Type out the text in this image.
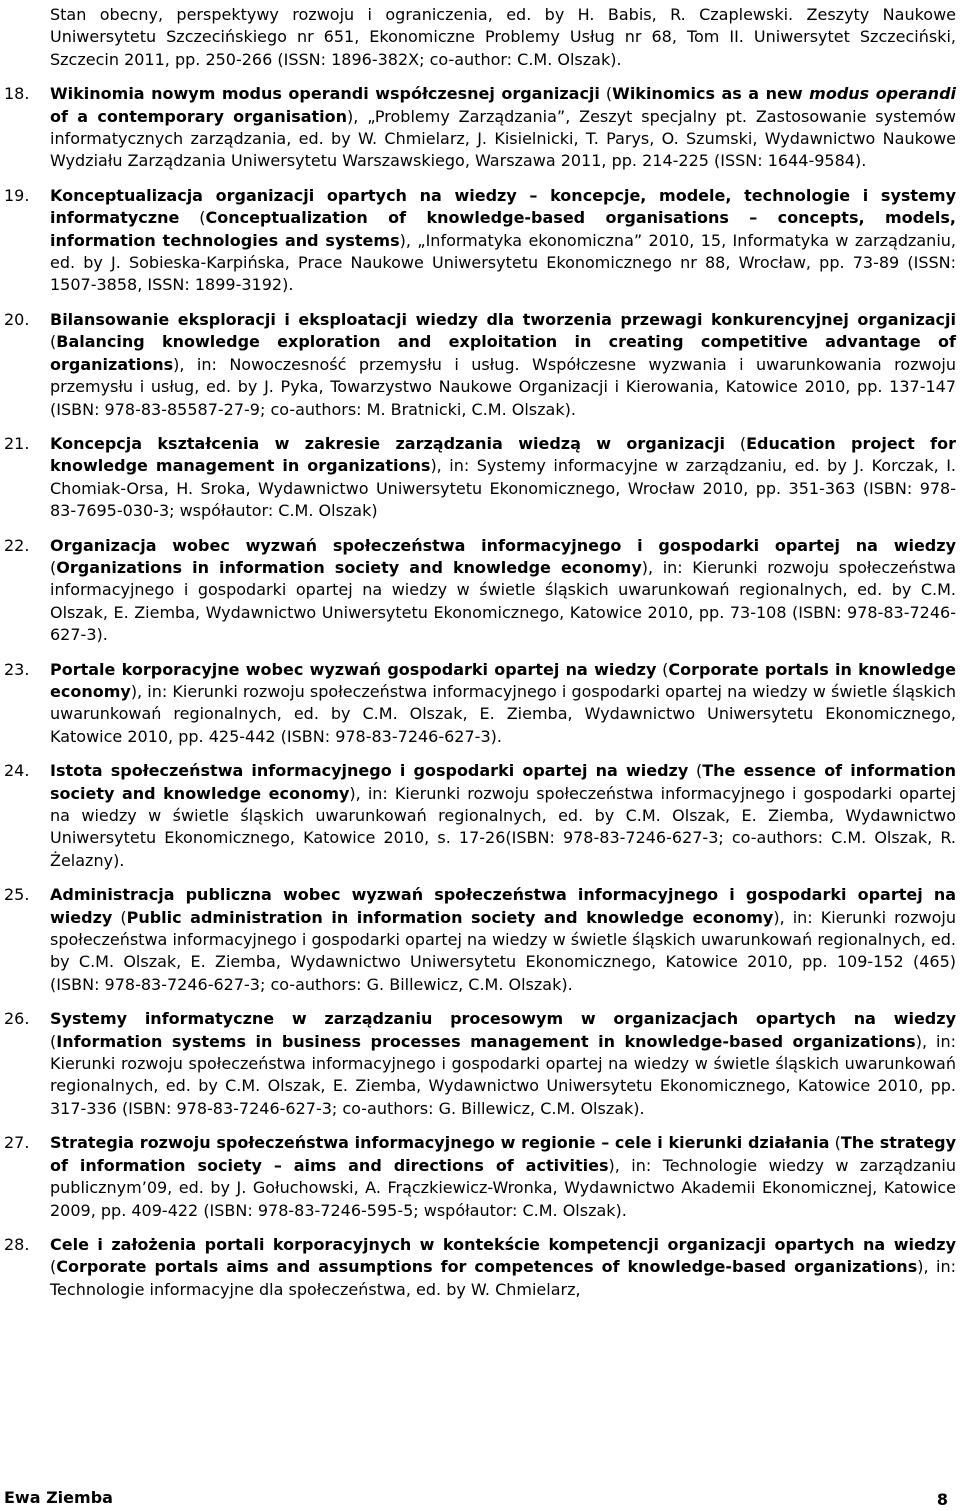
Stan obecny, perspektywy rozwoju i ograniczenia, ed. by H. Babis, R. Czaplewski. Zeszyty Naukowe Uniwersytetu Szczecińskiego nr 651, Ekonomiczne Problemy Usług nr 68, Tom II. Uniwersytet Szczeciński, Szczecin 2011, pp. 250-266 (ISSN: 1896-382X; co-author: C.M. Olszak).
18.	Wikinomia nowym modus operandi współczesnej organizacji (Wikinomics as a new modus operandi of a contemporary organisation), „Problemy Zarządzania”, Zeszyt specjalny pt. Zastosowanie systemów informatycznych zarządzania, ed. by W. Chmielarz, J. Kisielnicki, T. Parys, O. Szumski, Wydawnictwo Naukowe Wydziału Zarządzania Uniwersytetu Warszawskiego, Warszawa 2011, pp. 214-225 (ISSN: 1644-9584).
19.	Konceptualizacja organizacji opartych na wiedzy – koncepcje, modele, technologie i systemy informatyczne (Conceptualization of knowledge-based organisations – concepts, models, information technologies and systems), „Informatyka ekonomiczna” 2010, 15, Informatyka w zarządzaniu, ed. by J. Sobieska-Karpińska, Prace Naukowe Uniwersytetu Ekonomicznego nr 88, Wrocław, pp. 73-89 (ISSN: 1507-3858, ISSN: 1899-3192).
20.	Bilansowanie eksploracji i eksploatacji wiedzy dla tworzenia przewagi konkurencyjnej organizacji (Balancing knowledge exploration and exploitation in creating competitive advantage of organizations), in: Nowoczesność przemysłu i usług. Współczesne wyzwania i uwarunkowania rozwoju przemysłu i usług, ed. by J. Pyka, Towarzystwo Naukowe Organizacji i Kierowania, Katowice 2010, pp. 137-147 (ISBN: 978-83-85587-27-9; co-authors: M. Bratnicki, C.M. Olszak).
21.	Koncepcja kształcenia w zakresie zarządzania wiedzą w organizacji (Education project for knowledge management in organizations), in: Systemy informacyjne w zarządzaniu, ed. by J. Korczak, I. Chomiak-Orsa, H. Sroka, Wydawnictwo Uniwersytetu Ekonomicznego, Wrocław 2010, pp. 351-363 (ISBN: 978-83-7695-030-3; współautor: C.M. Olszak)
22.	Organizacja wobec wyzwań społeczeństwa informacyjnego i gospodarki opartej na wiedzy (Organizations in information society and knowledge economy), in: Kierunki rozwoju społeczeństwa informacyjnego i gospodarki opartej na wiedzy w świetle śląskich uwarunkowań regionalnych, ed. by C.M. Olszak, E. Ziemba, Wydawnictwo Uniwersytetu Ekonomicznego, Katowice 2010, pp. 73-108 (ISBN: 978-83-7246-627-3).
23.	Portale korporacyjne wobec wyzwań gospodarki opartej na wiedzy (Corporate portals in knowledge economy), in: Kierunki rozwoju społeczeństwa informacyjnego i gospodarki opartej na wiedzy w świetle śląskich uwarunkowań regionalnych, ed. by C.M. Olszak, E. Ziemba, Wydawnictwo Uniwersytetu Ekonomicznego, Katowice 2010, pp. 425-442 (ISBN: 978-83-7246-627-3).
24.	Istota społeczeństwa informacyjnego i gospodarki opartej na wiedzy (The essence of information society and knowledge economy), in: Kierunki rozwoju społeczeństwa informacyjnego i gospodarki opartej na wiedzy w świetle śląskich uwarunkowań regionalnych, ed. by C.M. Olszak, E. Ziemba, Wydawnictwo Uniwersytetu Ekonomicznego, Katowice 2010, s. 17-26(ISBN: 978-83-7246-627-3; co-authors: C.M. Olszak, R. Żelazny).
25.	Administracja publiczna wobec wyzwań społeczeństwa informacyjnego i gospodarki opartej na wiedzy (Public administration in information society and knowledge economy), in: Kierunki rozwoju społeczeństwa informacyjnego i gospodarki opartej na wiedzy w świetle śląskich uwarunkowań regionalnych, ed. by C.M. Olszak, E. Ziemba, Wydawnictwo Uniwersytetu Ekonomicznego, Katowice 2010, pp. 109-152 (465) (ISBN: 978-83-7246-627-3; co-authors: G. Billewicz, C.M. Olszak).
26.	Systemy informatyczne w zarządzaniu procesowym w organizacjach opartych na wiedzy (Information systems in business processes management in knowledge-based organizations), in: Kierunki rozwoju społeczeństwa informacyjnego i gospodarki opartej na wiedzy w świetle śląskich uwarunkowań regionalnych, ed. by C.M. Olszak, E. Ziemba, Wydawnictwo Uniwersytetu Ekonomicznego, Katowice 2010, pp. 317-336 (ISBN: 978-83-7246-627-3; co-authors: G. Billewicz, C.M. Olszak).
27.	Strategia rozwoju społeczeństwa informacyjnego w regionie – cele i kierunki działania (The strategy of information society – aims and directions of activities), in: Technologie wiedzy w zarządzaniu publicznym’09, ed. by J. Gołuchowski, A. Frączkiewicz-Wronka, Wydawnictwo Akademii Ekonomicznej, Katowice 2009, pp. 409-422 (ISBN: 978-83-7246-595-5; współautor: C.M. Olszak).
28.	Cele i założenia portali korporacyjnych w kontekście kompetencji organizacji opartych na wiedzy (Corporate portals aims and assumptions for competences of knowledge-based organizations), in: Technologie informacyjne dla społeczeństwa, ed. by W. Chmielarz,
Ewa Ziemba	8
